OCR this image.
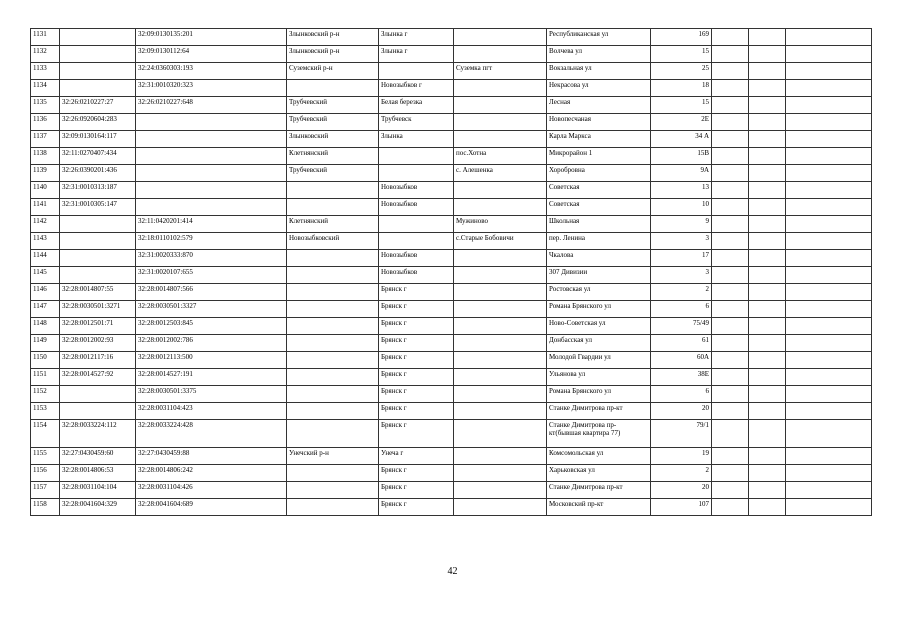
1131		32:09:0130135:201	Злынковский р-н	Злынка г		Республиканская ул	169			
1132		32:09:0130112:64	Злынковский р-н	Злынка г		Волчева ул	15			
1133		32:24:0360303:193	Суземский р-н		Суземка пгт	Вокзальная ул	25			
1134		32:31:0010320:323		Новозыбков г		Некрасова ул	18			
1135	32:26:0210227:27	32:26:0210227:648	Трубчевский	Белая березка		Лесная	15			
1136	32:26:0920604:283		Трубчевский	Трубчевск		Новопесчаная	2Е			
1137	32:09:0130164:117		Злынковский	Злынка		Карла Маркса	34 А			
1138	32:11:0270407:434		Клетнянский		пос.Хотна	Микрорайон 1	15В			
1139	32:26:0390201:436		Трубчевский		с. Алешенка	Хоробровна	9А			
1140	32:31:0010313:187			Новозыбков		Советская	13			
1141	32:31:0010305:147			Новозыбков		Советская	10			
1142		32:11:0420201:414	Клетнянский		Мужиново	Школьная	9			
1143		32:18:0110102:579	Новозыбковский		с.Старые Бобовичи	пер. Ленина	3			
1144		32:31:0020333:870		Новозыбков		Чкалова	17			
1145		32:31:0020107:655		Новозыбков		307 Дивизии	3			
1146	32:28:0014807:55	32:28:0014807:566		Брянск г		Ростовская ул	2			
1147	32:28:0030501:3271	32:28:0030501:3327		Брянск г		Романа Брянского ул	6			
1148	32:28:0012501:71	32:28:0012503:845		Брянск г		Ново-Советская ул	75/49			
1149	32:28:0012002:93	32:28:0012002:786		Брянск г		Донбасская ул	61			
1150	32:28:0012117:16	32:28:0012113:500		Брянск г		Молодой Гвардии ул	60А			
1151	32:28:0014527:92	32:28:0014527:191		Брянск г		Ульянова ул	38Е			
1152		32:28:0030501:3375		Брянск г		Романа Брянского ул	6			
1153		32:28:0031104:423		Брянск г		Станке Димитрова пр-кт	20			
1154	32:28:0033224:112	32:28:0033224:428		Брянск г		Станке Димитрова пр-кт(бывшая квартира 77)	79/1			
1155	32:27:0430459:60	32:27:0430459:88	Унечский р-н	Унеча г		Комсомольская ул	19			
1156	32:28:0014806:53	32:28:0014806:242		Брянск г		Харьковская ул	2			
1157	32:28:0031104:104	32:28:0031104:426		Брянск г		Станке Димитрова пр-кт	20			
1158	32:28:0041604:329	32:28:0041604:689		Брянск г		Московский пр-кт	107			
42
